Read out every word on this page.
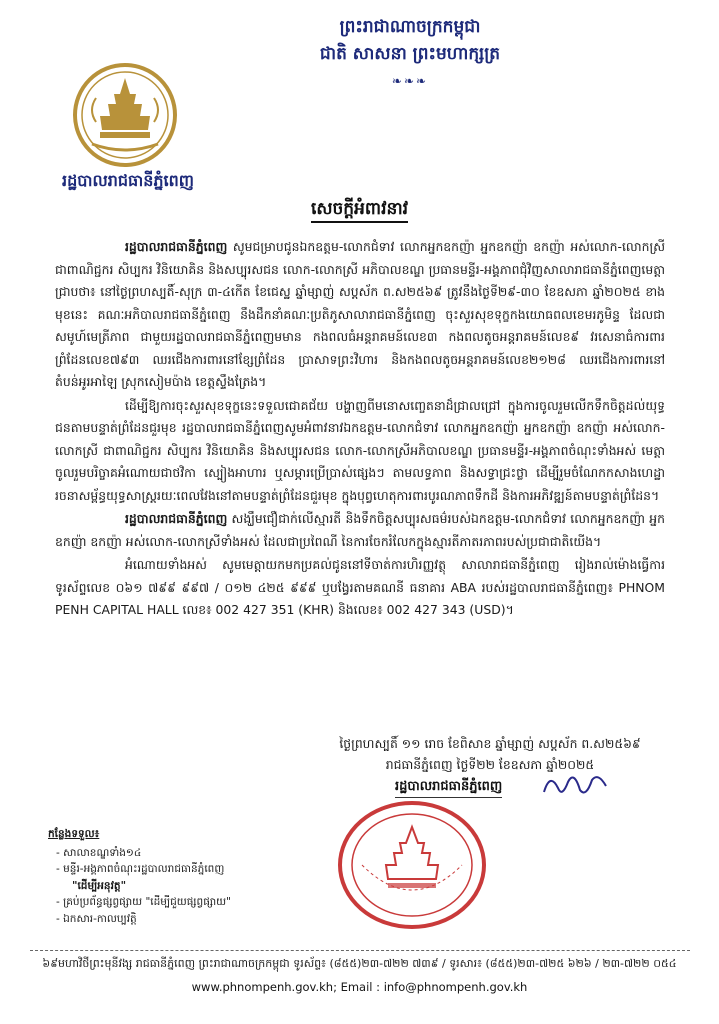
ព្រះរាជាណាចក្រកម្ពុជា
ជាតិ សាសនា ព្រះមហាក្សត្រ
❧❧❧
រដ្ឋបាលរាជធានីភ្នំពេញ
សេចក្តីអំពាវនាវ

រដ្ឋបាលរាជធានីភ្នំពេញ សូមជម្រាបជូនឯកឧត្តម-លោកជំទាវ លោកអ្នកឧកញ៉ា អ្នកឧកញ៉ា ឧកញ៉ា អស់លោក-លោកស្រី ជាពាណិជ្ជករ សិប្បករ វិនិយោគិន និងសប្បុរសជន លោក-លោកស្រី អភិបាលខណ្ឌ ប្រធានមន្ទីរ-អង្គភាពជុំវិញសាលារាជធានីភ្នំពេញមេត្តាជ្រាបថា៖ នៅថ្ងៃព្រហស្បតិ៍-សុក្រ ៣-៤កើត ខែជេស្ឋ ឆ្នាំម្សាញ់ សប្តស័ក ព.ស២៥៦៩ ត្រូវនឹងថ្ងៃទី២៩-៣០ ខែឧសភា ឆ្នាំ២០២៥ ខាងមុខនេះ គណៈអភិបាលរាជធានីភ្នំពេញ នឹងដឹកនាំគណៈប្រតិភូសាលារាជធានីភ្នំពេញ ចុះសួរសុខទុក្ខកងយោធពលខេមរភូមិន្ទ ដែលជាសមូហ៍មេត្រីភាព ជាមួយរដ្ឋបាលរាជធានីភ្នំពេញមមាន កងពលធំអន្តរាគមន៍លេខ៣ កងពលតូចអន្តរាគមន៍លេខ៩ វរសេនាធំការពារព្រំដែនលេខ៧៩៣ ឈរជើងការពារនៅខ្សែព្រំដែន ប្រាសាទព្រះវិហារ និងកងពលតូចអន្តរាគមន៍លេខ២១២៨ ឈរជើងការពារនៅតំបន់អូរអាឡៃ ស្រុកសៀមប៉ាង ខេត្តស្ទឹងត្រែង។

ដើម្បីឱ្យការចុះសួរសុខទុក្ខនេះទទួលជោគជ័យ បង្ហាញពីមនោសញ្ចេតនាដ៏ជ្រាលជ្រៅ ក្នុងការចូលរួមលើកទឹកចិត្តដល់យុទ្ធជនតាមបន្ទាត់ព្រំដែនជួរមុខ រដ្ឋបាលរាជធានីភ្នំពេញសូមអំពាវនាវឯកឧត្តម-លោកជំទាវ លោកអ្នកឧកញ៉ា អ្នកឧកញ៉ា ឧកញ៉ា អស់លោក-លោកស្រី ជាពាណិជ្ជករ សិប្បករ វិនិយោគិន និងសប្បុរសជន លោក-លោកស្រីអភិបាលខណ្ឌ ប្រធានមន្ទីរ-អង្គភាពចំណុះទាំងអស់ មេត្តាចូលរួមបរិច្ចាគអំណោយជាថវិកា ស្បៀងអាហារ ឬសម្ភារប្រើប្រាស់ផ្សេងៗ តាមលទ្ធភាព និងសទ្ធាជ្រះថ្លា ដើម្បីរួមចំណែកកសាងហេដ្ឋារចនាសម្ព័ន្ធយុទ្ធសាស្ត្ររយៈពេលវែងនៅតាមបន្ទាត់ព្រំដែនជួរមុខ ក្នុងបុព្វហេតុការពារបូរណភាពទឹកដី និងការអភិវឌ្ឍន៍តាមបន្ទាត់ព្រំដែន។

រដ្ឋបាលរាជធានីភ្នំពេញ សង្ឃឹមជឿជាក់លើស្មារតី និងទឹកចិត្តសប្បុរសធម៌របស់ឯកឧត្តម-លោកជំទាវ លោកអ្នកឧកញ៉ា អ្នកឧកញ៉ា ឧកញ៉ា អស់លោក-លោកស្រីទាំងអស់ ដែលជាប្រពៃណី នៃការចែករំលែកក្នុងស្មារតីភាតរភាពរបស់ប្រជាជាតិយើង។

អំណោយទាំងអស់ សូមមេត្តាយកមកប្រគល់ជូននៅទីចាត់ការហិរញ្ញវត្ថុ សាលារាជធានីភ្នំពេញ រៀងរាល់ម៉ោងធ្វើការ ទូរស័ព្ទលេខ ០៦១ ៧៩៩ ៩៩៧ / ០១២ ៤២៥ ៩៩៩ ឬបង្វែរតាមគណនី ធនាគារ ABA របស់រដ្ឋបាលរាជធានីភ្នំពេញ៖ PHNOM PENH CAPITAL HALL លេខ៖ 002 427 351 (KHR) និងលេខ៖ 002 427 343 (USD)។

ថ្ងៃព្រហស្បតិ៍ ១១ រោច ខែពិសាខ ឆ្នាំម្សាញ់ សប្តស័ក ព.ស២៥៦៩
រាជធានីភ្នំពេញ ថ្ងៃទី២២ ខែឧសភា ឆ្នាំ២០២៥
រដ្ឋបាលរាជធានីភ្នំពេញ
កន្លែងទទួល៖
- សាលាខណ្ឌទាំង១៤
- មន្ទីរ-អង្គភាពចំណុះរដ្ឋបាលរាជធានីភ្នំពេញ
"ដើម្បីអនុវត្ត"
- គ្រប់ប្រព័ន្ធផ្សព្វផ្សាយ "ដើម្បីជួយផ្សព្វផ្សាយ"
- ឯកសារ-កាលប្បវត្តិ
៦៩មហាវិថីព្រះមុនីវង្ស រាជធានីភ្នំពេញ ព្រះរាជាណាចក្រកម្ពុជា ទូរស័ព្ទ៖ (៨៥៥)២៣-៧២២ ៧៣៩ / ទូរសារ៖ (៨៥៥)២៣-៧២៥ ៦២៦ / ២៣-៧២២ ០៥៤
www.phnompenh.gov.kh; Email : info@phnompenh.gov.kh
